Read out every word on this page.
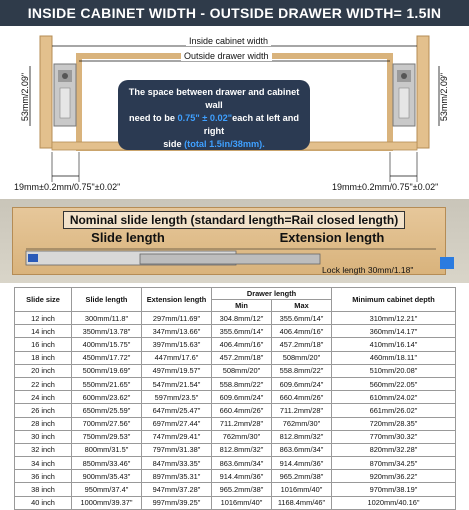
INSIDE CABINET WIDTH - OUTSIDE DRAWER WIDTH= 1.5IN
Inside cabinet width
Outside drawer width
53mm/2.09"	53mm/2.09"
19mm±0.2mm/0.75"±0.02"	19mm±0.2mm/0.75"±0.02"
The space between drawer and cabinet wall
need to be 0.75" ± 0.02"each at left and right
side (total 1.5in/38mm).
Nominal slide length (standard length=Rail closed length)
Slide length	Extension length
Lock length 30mm/1.18"
Slide size	Slide length	Extension length	Drawer length		Minimum cabinet depth
			Min	Max	
12 inch	300mm/11.8"	297mm/11.69"	304.8mm/12"	355.6mm/14"	310mm/12.21"
14 inch	350mm/13.78"	347mm/13.66"	355.6mm/14"	406.4mm/16"	360mm/14.17"
16 inch	400mm/15.75"	397mm/15.63"	406.4mm/16"	457.2mm/18"	410mm/16.14"
18 inch	450mm/17.72"	447mm/17.6"	457.2mm/18"	508mm/20"	460mm/18.11"
20 inch	500mm/19.69"	497mm/19.57"	508mm/20"	558.8mm/22"	510mm/20.08"
22 inch	550mm/21.65"	547mm/21.54"	558.8mm/22"	609.6mm/24"	560mm/22.05"
24 inch	600mm/23.62"	597mm/23.5"	609.6mm/24"	660.4mm/26"	610mm/24.02"
26 inch	650mm/25.59"	647mm/25.47"	660.4mm/26"	711.2mm/28"	661mm/26.02"
28 inch	700mm/27.56"	697mm/27.44"	711.2mm/28"	762mm/30"	720mm/28.35"
30 inch	750mm/29.53"	747mm/29.41"	762mm/30"	812.8mm/32"	770mm/30.32"
32 inch	800mm/31.5"	797mm/31.38"	812.8mm/32"	863.6mm/34"	820mm/32.28"
34 inch	850mm/33.46"	847mm/33.35"	863.6mm/34"	914.4mm/36"	870mm/34.25"
36 inch	900mm/35.43"	897mm/35.31"	914.4mm/36"	965.2mm/38"	920mm/36.22"
38 inch	950mm/37.4"	947mm/37.28"	965.2mm/38"	1016mm/40"	970mm/38.19"
40 inch	1000mm/39.37"	997mm/39.25"	1016mm/40"	1168.4mm/46"	1020mm/40.16"
